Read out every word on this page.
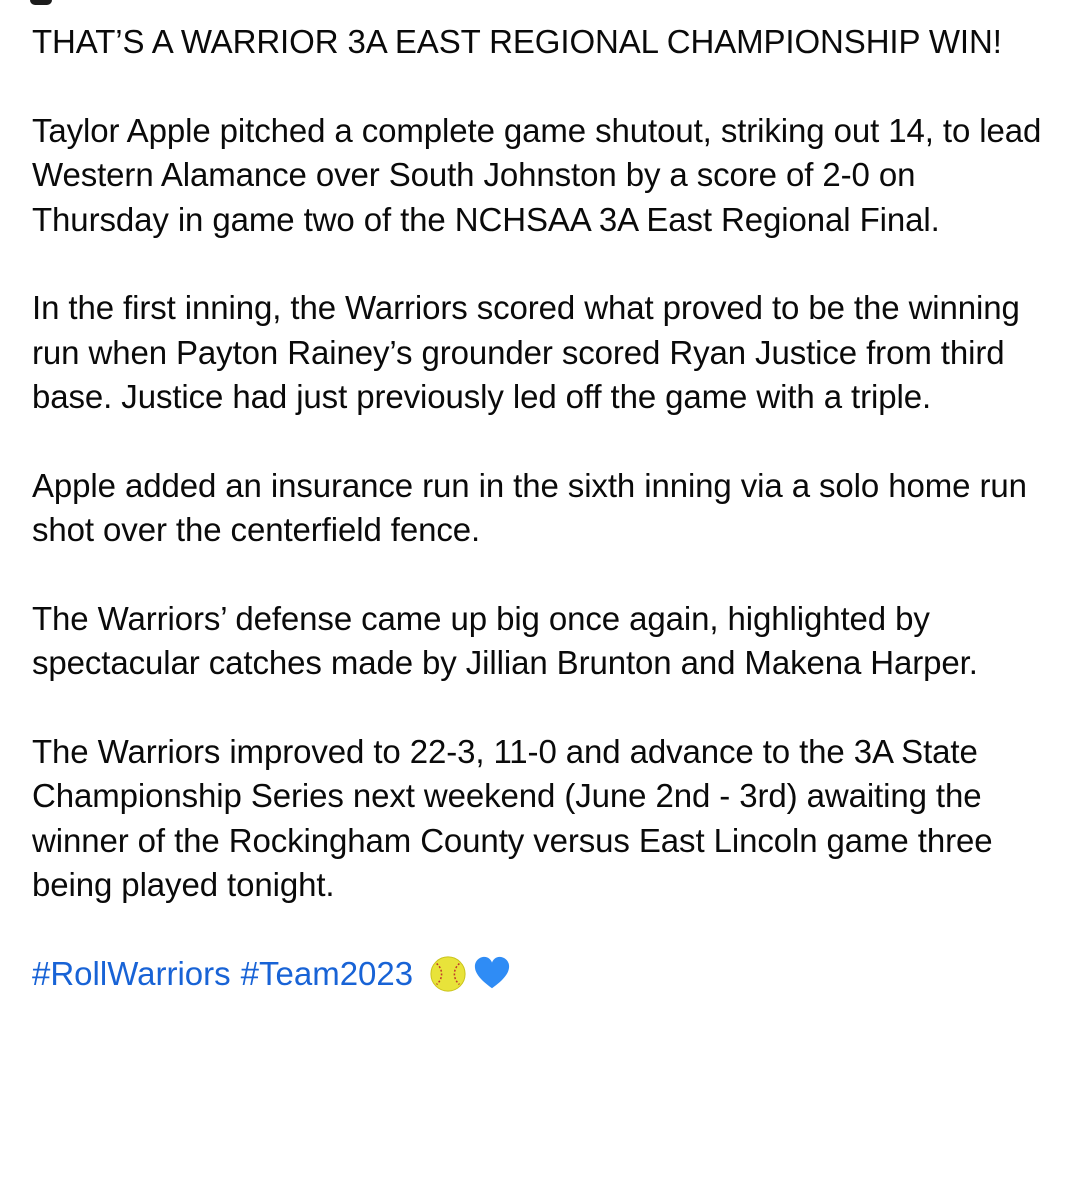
THAT’S A WARRIOR 3A EAST REGIONAL CHAMPIONSHIP WIN!

Taylor Apple pitched a complete game shutout, striking out 14, to lead Western Alamance over South Johnston by a score of 2-0 on Thursday in game two of the NCHSAA 3A East Regional Final.

In the first inning, the Warriors scored what proved to be the winning run when Payton Rainey’s grounder scored Ryan Justice from third base. Justice had just previously led off the game with a triple.

Apple added an insurance run in the sixth inning via a solo home run shot over the centerfield fence.

The Warriors’ defense came up big once again, highlighted by spectacular catches made by Jillian Brunton and Makena Harper.

The Warriors improved to 22-3, 11-0 and advance to the 3A State Championship Series next weekend (June 2nd - 3rd) awaiting the winner of the Rockingham County versus East Lincoln game three being played tonight.

#RollWarriors #Team2023
